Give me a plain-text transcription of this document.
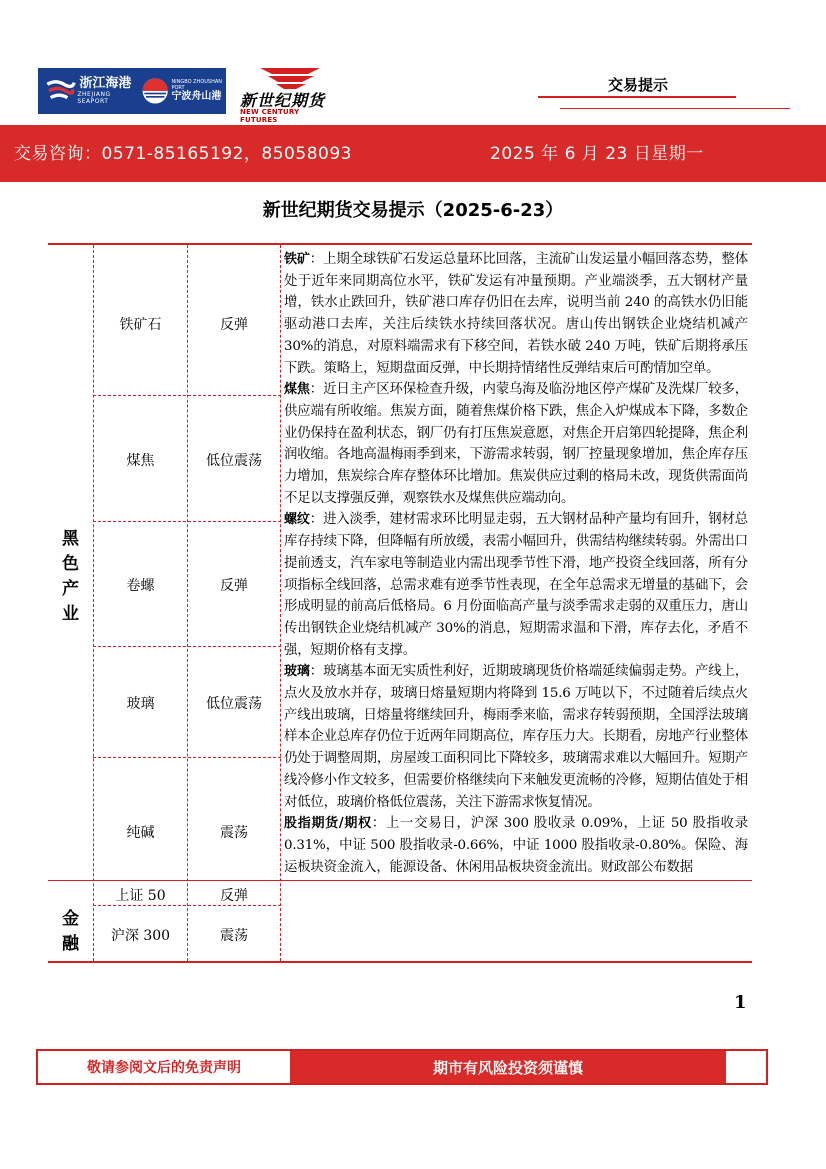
浙江海港
ZHEJIANG SEAPORT
NINGBO ZHOUSHAN PORT
宁波舟山港 新世纪期货
NEW CENTURY FUTURES
交易提示
交易咨询：0571-85165192，85058093	2025 年 6 月 23 日星期一
新世纪期货交易提示（2025-6-23）
黑
色
产
业
金
融
铁矿石	反弹
煤焦	低位震荡
卷螺	反弹
玻璃	低位震荡
纯碱	震荡
上证 50	反弹
沪深 300	震荡

铁矿：上期全球铁矿石发运总量环比回落，主流矿山发运量小幅回落态势，整体处于近年来同期高位水平，铁矿发运有冲量预期。产业端淡季，五大钢材产量增，铁水止跌回升，铁矿港口库存仍旧在去库，说明当前 240 的高铁水仍旧能驱动港口去库，关注后续铁水持续回落状况。唐山传出钢铁企业烧结机减产 30%的消息，对原料端需求有下移空间，若铁水破 240 万吨，铁矿后期将承压下跌。策略上，短期盘面反弹，中长期持情绪性反弹结束后可酌情加空单。

煤焦：近日主产区环保检查升级，内蒙乌海及临汾地区停产煤矿及洗煤厂较多，供应端有所收缩。焦炭方面，随着焦煤价格下跌，焦企入炉煤成本下降，多数企业仍保持在盈利状态，钢厂仍有打压焦炭意愿，对焦企开启第四轮提降，焦企利润收缩。各地高温梅雨季到来，下游需求转弱，钢厂控量现象增加，焦企库存压力增加，焦炭综合库存整体环比增加。焦炭供应过剩的格局未改，现货供需面尚不足以支撑强反弹，观察铁水及煤焦供应端动向。

螺纹：进入淡季，建材需求环比明显走弱，五大钢材品种产量均有回升，钢材总库存持续下降，但降幅有所放缓，表需小幅回升，供需结构继续转弱。外需出口提前透支，汽车家电等制造业内需出现季节性下滑，地产投资全线回落，所有分项指标全线回落，总需求难有逆季节性表现，在全年总需求无增量的基础下，会形成明显的前高后低格局。6 月份面临高产量与淡季需求走弱的双重压力，唐山传出钢铁企业烧结机减产 30%的消息，短期需求温和下滑，库存去化，矛盾不强，短期价格有支撑。

玻璃：玻璃基本面无实质性利好，近期玻璃现货价格端延续偏弱走势。产线上，点火及放水并存，玻璃日熔量短期内将降到 15.6 万吨以下，不过随着后续点火产线出玻璃，日熔量将继续回升，梅雨季来临，需求存转弱预期，全国浮法玻璃样本企业总库存仍位于近两年同期高位，库存压力大。长期看，房地产行业整体仍处于调整周期，房屋竣工面积同比下降较多，玻璃需求难以大幅回升。短期产线冷修小作文较多，但需要价格继续向下来触发更流畅的冷修，短期估值处于相对低位，玻璃价格低位震荡，关注下游需求恢复情况。

股指期货/期权：上一交易日，沪深 300 股收录 0.09%，上证 50 股指收录 0.31%，中证 500 股指收录-0.66%，中证 1000 股指收录-0.80%。保险、海运板块资金流入，能源设备、休闲用品板块资金流出。财政部公布数据

1
敬请参阅文后的免责声明	期市有风险投资须谨慎
